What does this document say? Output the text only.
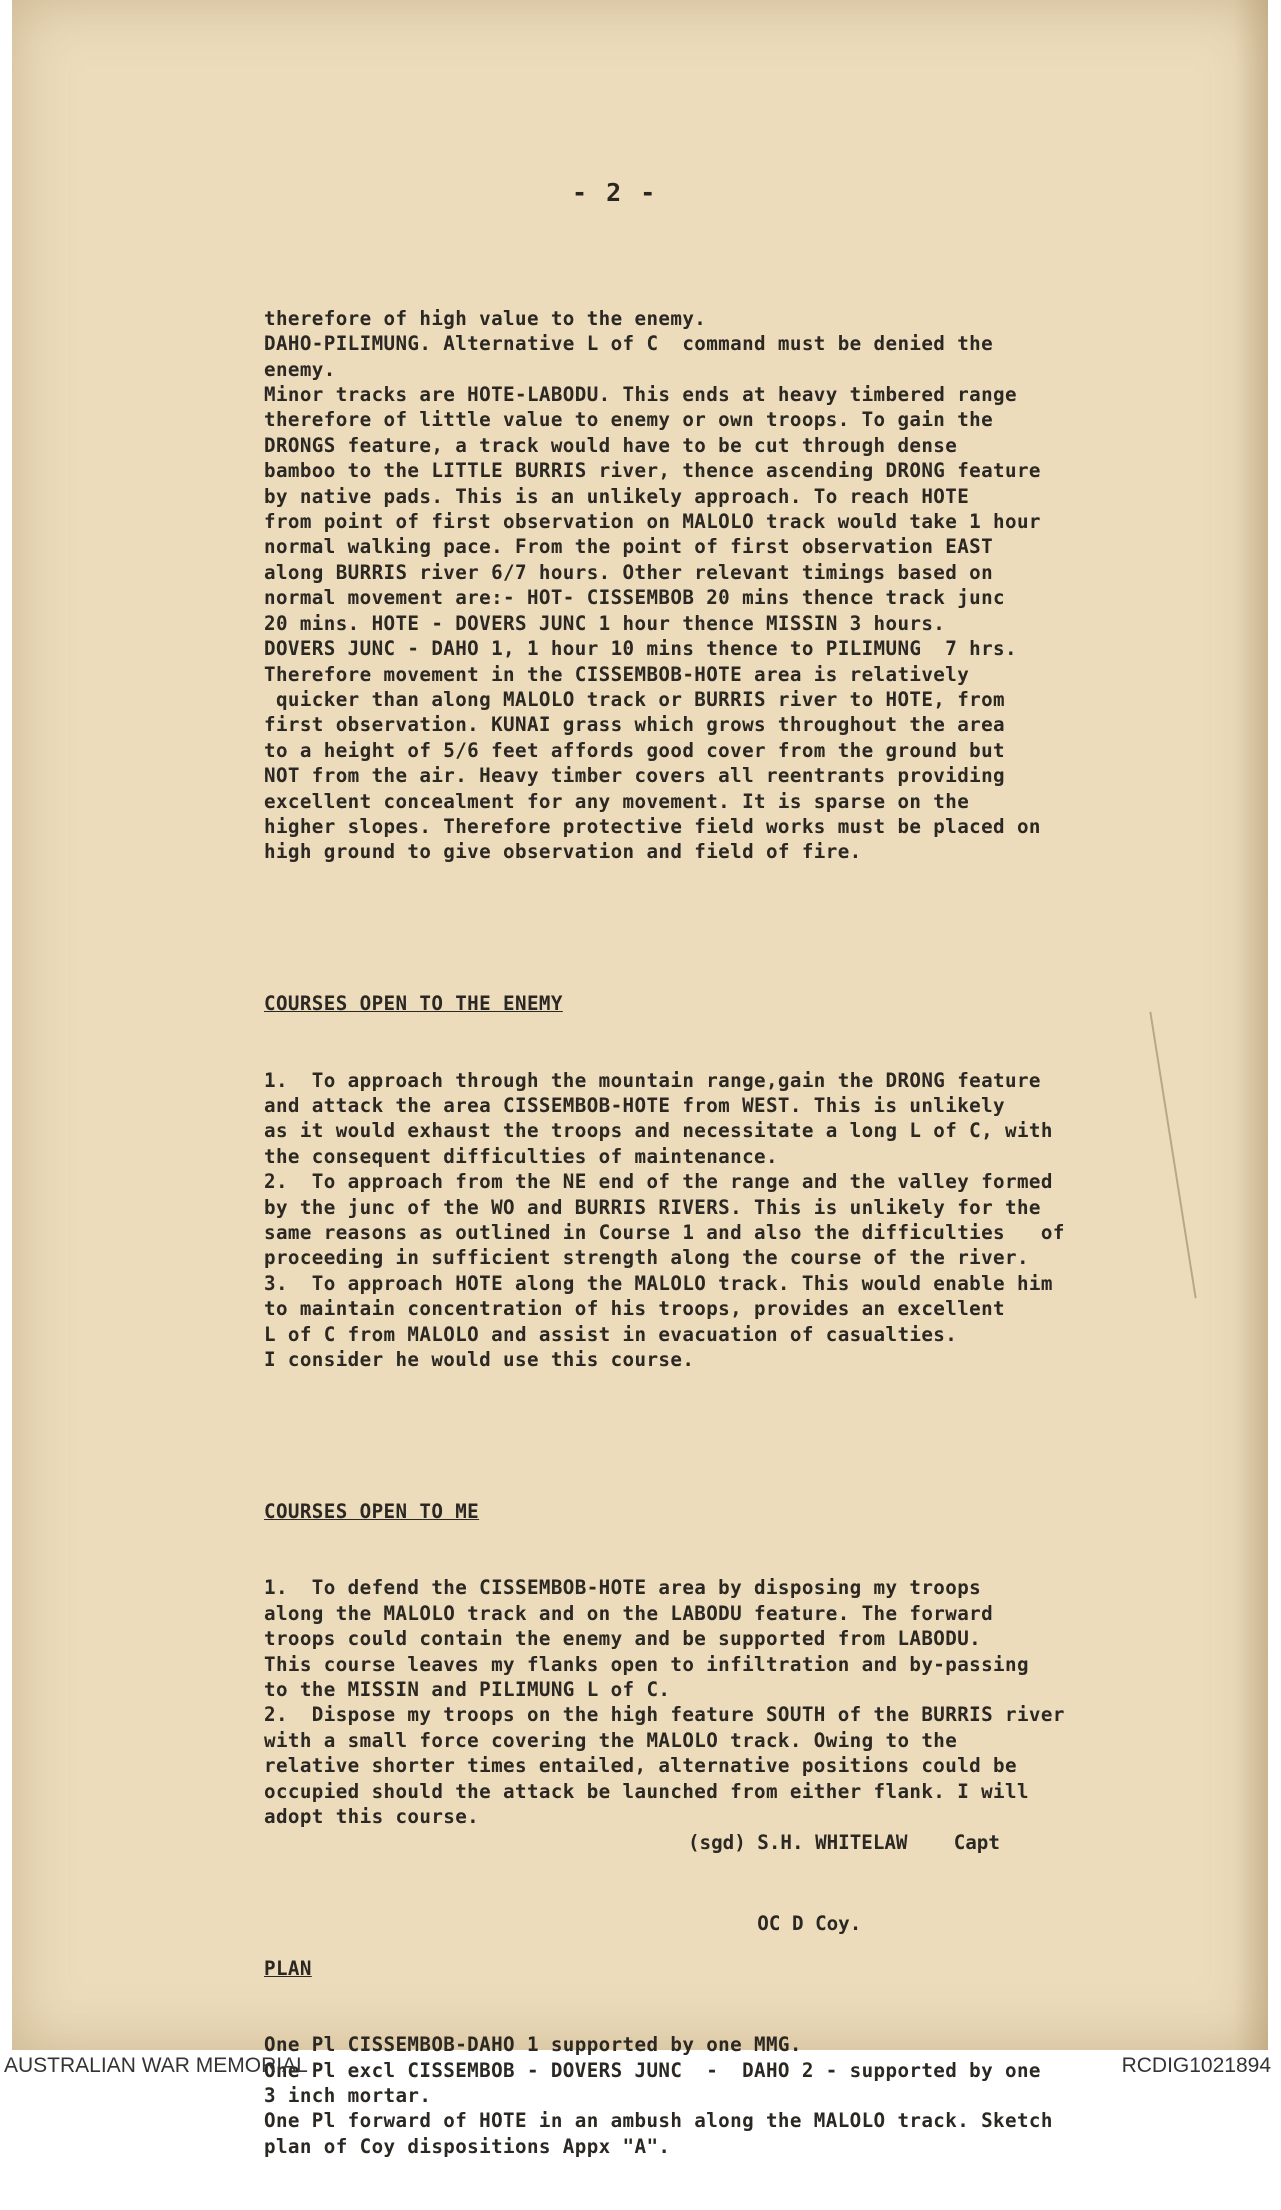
- 2 -

therefore of high value to the enemy.
DAHO-PILIMUNG. Alternative L of C  command must be denied the
enemy.
Minor tracks are HOTE-LABODU. This ends at heavy timbered range
therefore of little value to enemy or own troops. To gain the
DRONGS feature, a track would have to be cut through dense
bamboo to the LITTLE BURRIS river, thence ascending DRONG feature
by native pads. This is an unlikely approach. To reach HOTE
from point of first observation on MALOLO track would take 1 hour
normal walking pace. From the point of first observation EAST
along BURRIS river 6/7 hours. Other relevant timings based on
normal movement are:- HOT- CISSEMBOB 20 mins thence track junc
20 mins. HOTE - DOVERS JUNC 1 hour thence MISSIN 3 hours.
DOVERS JUNC - DAHO 1, 1 hour 10 mins thence to PILIMUNG  7 hrs.
Therefore movement in the CISSEMBOB-HOTE area is relatively
quicker than along MALOLO track or BURRIS river to HOTE, from
first observation. KUNAI grass which grows throughout the area
to a height of 5/6 feet affords good cover from the ground but
NOT from the air. Heavy timber covers all reentrants providing
excellent concealment for any movement. It is sparse on the
higher slopes. Therefore protective field works must be placed on
high ground to give observation and field of fire.

COURSES OPEN TO THE ENEMY

1.  To approach through the mountain range,gain the DRONG feature
and attack the area CISSEMBOB-HOTE from WEST. This is unlikely
as it would exhaust the troops and necessitate a long L of C, with
the consequent difficulties of maintenance.
2.  To approach from the NE end of the range and the valley formed
by the junc of the WO and BURRIS RIVERS. This is unlikely for the
same reasons as outlined in Course 1 and also the difficulties   of
proceeding in sufficient strength along the course of the river.
3.  To approach HOTE along the MALOLO track. This would enable him
to maintain concentration of his troops, provides an excellent
L of C from MALOLO and assist in evacuation of casualties.
I consider he would use this course.

COURSES OPEN TO ME

1.  To defend the CISSEMBOB-HOTE area by disposing my troops
along the MALOLO track and on the LABODU feature. The forward
troops could contain the enemy and be supported from LABODU.
This course leaves my flanks open to infiltration and by-passing
to the MISSIN and PILIMUNG L of C.
2.  Dispose my troops on the high feature SOUTH of the BURRIS river
with a small force covering the MALOLO track. Owing to the
relative shorter times entailed, alternative positions could be
occupied should the attack be launched from either flank. I will
adopt this course.

PLAN

One Pl CISSEMBOB-DAHO 1 supported by one MMG.
One Pl excl CISSEMBOB - DOVERS JUNC  -  DAHO 2 - supported by one
3 inch mortar.
One Pl forward of HOTE in an ambush along the MALOLO track. Sketch
plan of Coy dispositions Appx "A".

(sgd) S.H. WHITELAW    Capt

OC D Coy.

AUSTRALIAN WAR MEMORIAL	RCDIG1021894
